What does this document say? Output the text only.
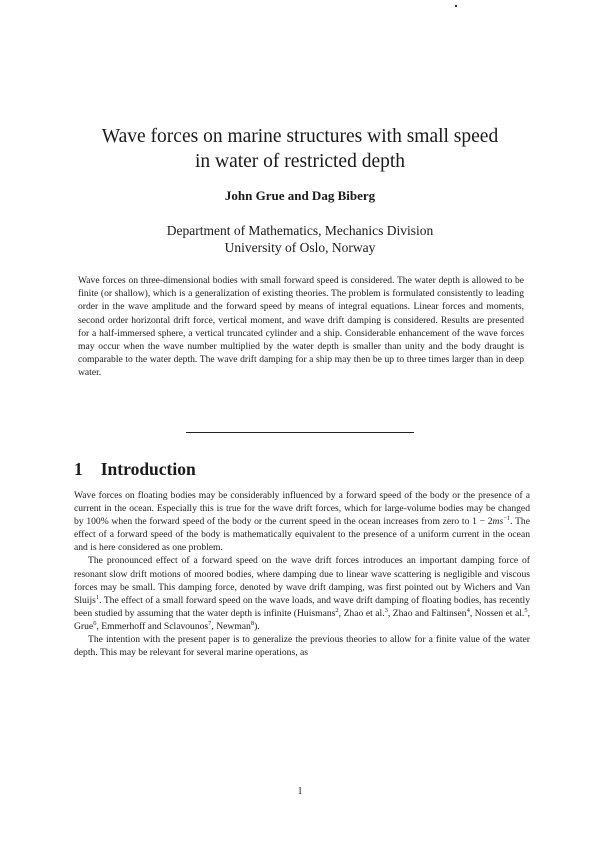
Wave forces on marine structures with small speed
in water of restricted depth
John Grue and Dag Biberg
Department of Mathematics, Mechanics Division
University of Oslo, Norway
Wave forces on three-dimensional bodies with small forward speed is considered. The water depth is allowed to be finite (or shallow), which is a generalization of existing theories. The problem is formulated consistently to leading order in the wave amplitude and the forward speed by means of integral equations. Linear forces and moments, second order horizontal drift force, vertical moment, and wave drift damping is considered. Results are presented for a half-immersed sphere, a vertical truncated cylinder and a ship. Considerable enhancement of the wave forces may occur when the wave number multiplied by the water depth is smaller than unity and the body draught is comparable to the water depth. The wave drift damping for a ship may then be up to three times larger than in deep water.
1 Introduction

Wave forces on floating bodies may be considerably influenced by a forward speed of the body or the presence of a current in the ocean. Especially this is true for the wave drift forces, which for large-volume bodies may be changed by 100% when the forward speed of the body or the current speed in the ocean increases from zero to $1 - 2ms^{-1}$. The effect of a forward speed of the body is mathematically equivalent to the presence of a uniform current in the ocean and is here considered as one problem.

The pronounced effect of a forward speed on the wave drift forces introduces an important damping force of resonant slow drift motions of moored bodies, where damping due to linear wave scattering is negligible and viscous forces may be small. This damping force, denoted by wave drift damping, was first pointed out by Wichers and Van Sluijs$^1$. The effect of a small forward speed on the wave loads, and wave drift damping of floating bodies, has recently been studied by assuming that the water depth is infinite (Huismans$^2$, Zhao et al.$^3$, Zhao and Faltinsen$^4$, Nossen et al.$^5$, Grue$^6$, Emmerhoff and Sclavounos$^7$, Newman$^8$).

The intention with the present paper is to generalize the previous theories to allow for a finite value of the water depth. This may be relevant for several marine operations, as

1
